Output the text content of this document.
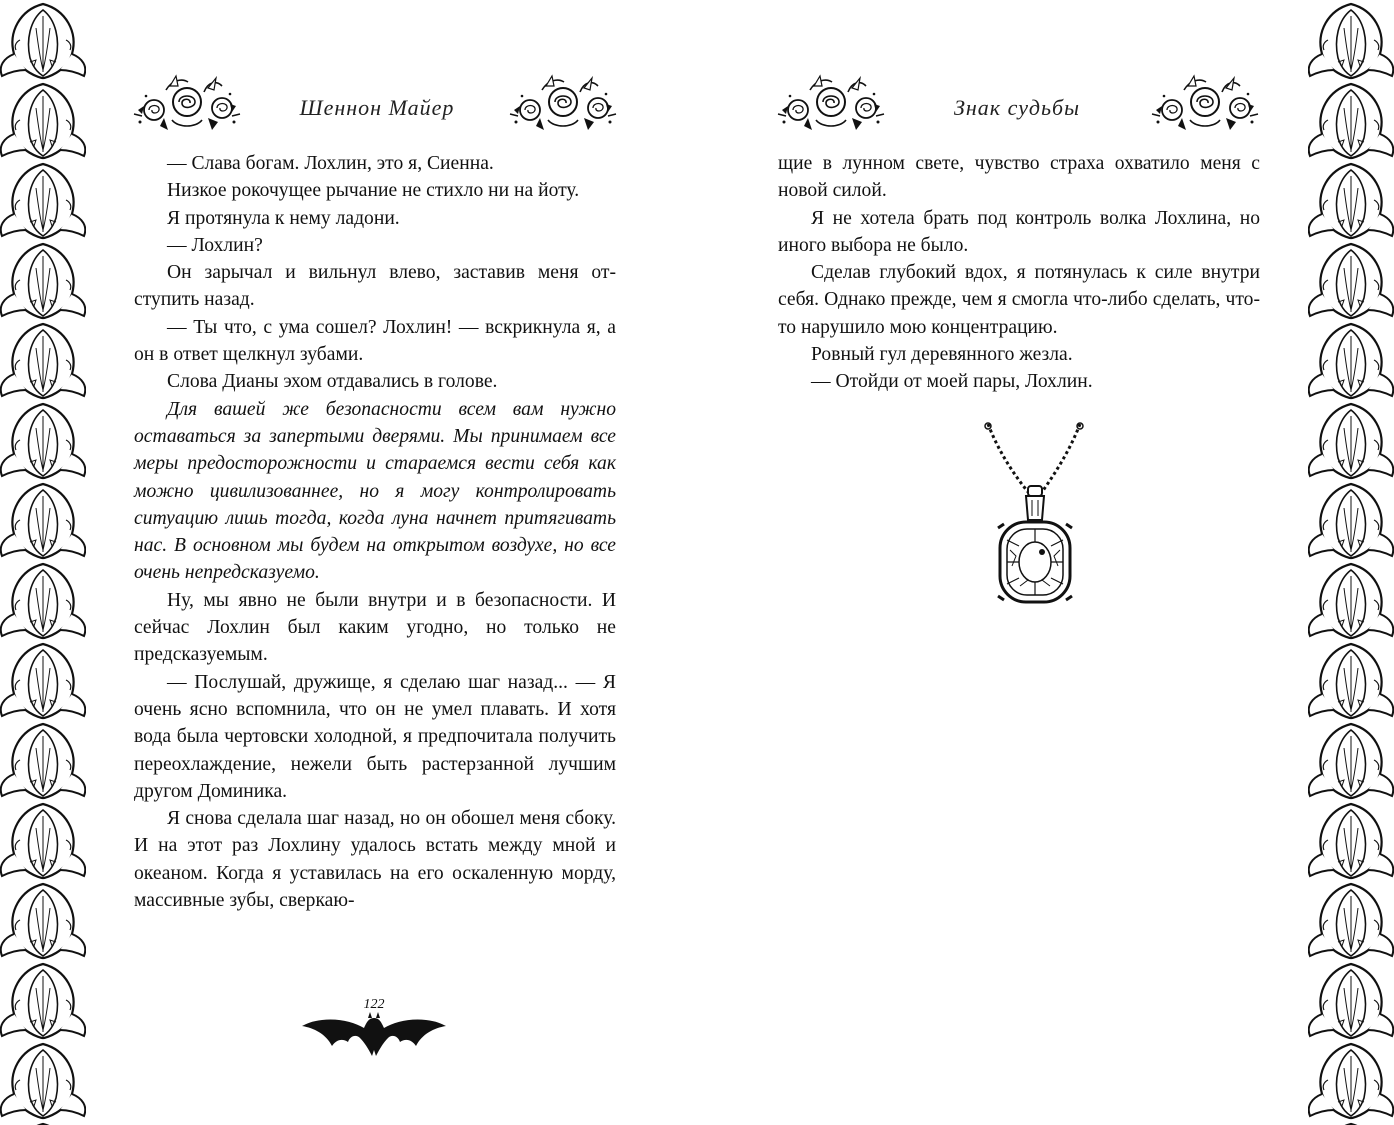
Шеннон Майер	Знак судьбы

— Слава богам. Лохлин, это я, Сиенна.

Низкое рокочущее рычание не стихло ни на йоту.

Я протянула к нему ладони.

— Лохлин?

Он зарычал и вильнул влево, заставив меня отступить назад.

— Ты что, с ума сошел? Лохлин! — вскрикнула я, а он в ответ щелкнул зубами.

Слова Дианы эхом отдавались в голове.

Для вашей же безопасности всем вам нужно оставаться за запертыми дверями. Мы принимаем все меры предосторожности и стараемся вести себя как можно цивилизованнее, но я могу контролировать ситуацию лишь тогда, когда луна начнет притягивать нас. В основном мы будем на открытом воздухе, но все очень непредсказуемо.

Ну, мы явно не были внутри и в безопасности. И сейчас Лохлин был каким угодно, но только не предсказуемым.

— Послушай, дружище, я сделаю шаг назад... — Я очень ясно вспомнила, что он не умел плавать. И хотя вода была чертовски холодной, я предпочитала получить переохлаждение, нежели быть растерзанной лучшим другом Доминика.

Я снова сделала шаг назад, но он обошел меня сбоку. И на этот раз Лохлину удалось встать между мной и океаном. Когда я уставилась на его оскаленную морду, массивные зубы, сверкаю-

щие в лунном свете, чувство страха охватило меня с новой силой.

Я не хотела брать под контроль волка Лохлина, но иного выбора не было.

Сделав глубокий вдох, я потянулась к силе внутри себя. Однако прежде, чем я смогла что-либо сделать, что-то нарушило мою концентрацию.

Ровный гул деревянного жезла.

— Отойди от моей пары, Лохлин.

122
